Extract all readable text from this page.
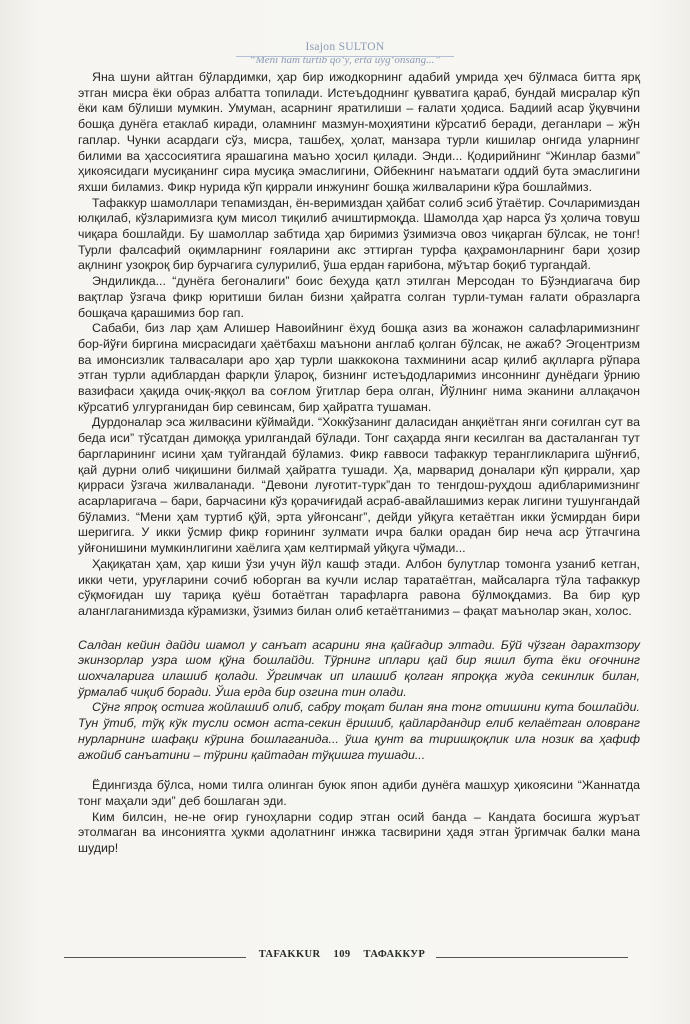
Isajon SULTON
“Meni ham turtib qo‘y, erta uyg‘onsang...”

Яна шуни айтган бўлардимки, ҳар бир ижодкорнинг адабий умрида ҳеч бўлмаса битта ярқ этган мисра ёки образ албатта топилади. Истеъдоднинг қувватига қараб, бундай мисралар кўп ёки кам бўлиши мумкин. Умуман, асарнинг яратилиши – ғалати ҳодиса. Бадиий асар ўқувчини бошқа дунёга етаклаб киради, оламнинг мазмун-моҳиятини кўрсатиб беради, деганлари – жўн гаплар. Чунки асардаги сўз, мисра, ташбеҳ, ҳолат, манзара турли кишилар онгида уларнинг билими ва ҳассосиятига ярашагина маъно ҳосил қилади. Энди... Қодирийнинг “Жинлар базми” ҳикоясидаги мусиқанинг сира мусиқа эмаслигини, Ойбекнинг наъматаги оддий бута эмаслигини яхши биламиз. Фикр нурида кўп қиррали инжунинг бошқа жилваларини кўра бошлаймиз.

Тафаккур шамоллари тепамиздан, ён-веримиздан ҳайбат солиб эсиб ўтаётир. Сочларимиздан юлқилаб, кўзларимизга қум мисол тиқилиб ачиштирмоқда. Шамолда ҳар нарса ўз ҳолича товуш чиқара бошлайди. Бу шамоллар забтида ҳар биримиз ўзимизча овоз чиқарган бўлсак, не тонг! Турли фалсафий оқимларнинг ғояларини акс эттирган турфа қаҳрамонларнинг бари ҳозир ақлнинг узоқроқ бир бурчагига сулурилиб, ўша ердан ғарибона, мўътар боқиб тургандай.

Эндиликда... “дунёга бегоналиги” боис беҳуда қатл этилган Мерсодан то Бўэндиагача бир вақтлар ўзгача фикр юритиши билан бизни ҳайратга солган турли-туман ғалати образларга бошқача қарашимиз бор гап.

Сабаби, биз лар ҳам Алишер Навоийнинг ёхуд бошқа азиз ва жонажон салафларимизнинг бор-йўғи биргина мисрасидаги ҳаётбахш маънони англаб қолган бўлсак, не ажаб? Эгоцентризм ва имонсизлик талвасалари аро ҳар турли шаккокона тахминини асар қилиб ақлларга рўпара этган турли адиблардан фарқли ўлароқ, бизнинг истеъдодларимиз инсоннинг дунёдаги ўрнию вазифаси ҳақида очиқ-яққол ва соғлом ўгитлар бера олган, Йўлнинг нима эканини аллақачон кўрсатиб улгурганидан бир севинсам, бир ҳайратга тушаман.

Дурдоналар эса жилвасини кўймайди. “Хоккўзанинг даласидан анқиётган янги соғилган сут ва беда иси” тўсатдан димоққа урилгандай бўлади. Тонг саҳарда янги кесилган ва дасталанган тут баргларининг исини ҳам туйгандай бўламиз. Фикр ғаввоси тафаккур терангликларига шўнғиб, қай дурни олиб чиқишини билмай ҳайратга тушади. Ҳа, марварид доналари кўп қиррали, ҳар қирраси ўзгача жилваланади. “Девони луғотит-турк”дан то тенгдош-руҳдош адибларимизнинг асарларигача – бари, барчасини кўз қорачиғидай асраб-авайлашимиз керак лигини тушунгандай бўламиз. “Мени ҳам туртиб қўй, эрта уйғонсанг”, дейди уйқуга кетаётган икки ўсмирдан бири шеригига. У икки ўсмир фикр ғорининг зулмати ичра балки орадан бир неча аср ўтгачгина уйғонишини мумкинлигини хаёлига ҳам келтирмай уйқуга чўмади...

Ҳақиқатан ҳам, ҳар киши ўзи учун йўл кашф этади. Албон булутлар томонга узаниб кетган, икки чети, уруғларини сочиб юборган ва кучли ислар таратаётган, майсаларга тўла тафаккур сўқмоғидан шу тариқа қуёш ботаётган тарафларга равона бўлмоқдамиз. Ва бир қур аланглаганимизда кўрамизки, ўзимиз билан олиб кетаётганимиз – фақат маънолар экан, холос.

Салдан кейин дайди шамол у санъат асарини яна қайғадир элтади. Бўй чўзган дарахтзору экинзорлар узра шом қўна бошлайди. Тўрнинг иплари қай бир яшил бута ёки оғочнинг шохчаларига илашиб қолади. Ўргимчак ип илашиб қолган япроққа жуда секинлик билан, ўрмалаб чиқиб боради. Ўша ерда бир озгина тин олади.

Сўнг япроқ остига жойлашиб олиб, сабру тоқат билан яна тонг отишини кута бошлайди. Тун ўтиб, тўқ кўк тусли осмон аста-секин ёришиб, қайлардандир елиб келаётган оловранг нурларнинг шафақи кўрина бошлаганида... ўша қунт ва тиришқоқлик ила нозик ва ҳафиф ажойиб санъатини – тўрини қайтадан тўқишга тушади...

Ёдингизда бўлса, номи тилга олинган буюк япон адиби дунёга машҳур ҳикоясини “Жаннатда тонг маҳали эди” деб бошлаган эди.

Ким билсин, не-не оғир гуноҳларни содир этган осий банда – Кандата босишга журъат этолмаган ва инсониятга ҳукми адолатнинг инжка тасвирини ҳадя этган ўргимчак балки мана шудир!

TAFAKKUR 109 ТАФАККУР
